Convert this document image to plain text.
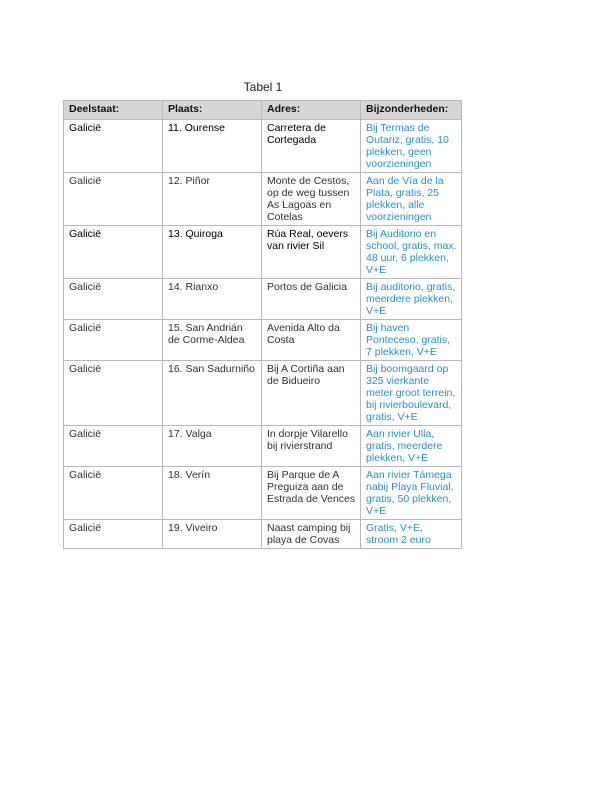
Tabel 1
Deelstaat:	Plaats:	Adres:	Bijzonderheden:
Galicië	11. Ourense	Carretera de Cortegada	Bij Termas de Outariz, gratis, 10 plekken, geen voorzieningen
Galicië	12. Piñor	Monte de Cestos, op de weg tussen As Lagoas en Cotelas	Aan de Vía de la Plata, gratis, 25 plekken, alle voorzieningen
Galicië	13. Quiroga	Rúa Real, oevers van rivier Sil	Bij Auditorio en school, gratis, max. 48 uur, 6 plekken, V+E
Galicië	14. Rianxo	Portos de Galicia	Bij auditorio, gratis, meerdere plekken, V+E
Galicië	15. San Andrián de Corme-Aldea	Avenida Alto da Costa	Bij haven Ponteceso, gratis, 7 plekken, V+E
Galicië	16. San Sadurniño	Bij A Cortiña aan de Bidueiro	Bij boomgaard op 325 vierkante meter groot terrein, bij rivierboulevard, gratis, V+E
Galicië	17. Valga	In dorpje Vilarello bij rivierstrand	Aan rivier Ulla, gratis, meerdere plekken, V+E
Galicië	18. Verín	Bij Parque de A Preguiza aan de Estrada de Vences	Aan rivier Támega nabij Playa Fluvial, gratis, 50 plekken, V+E
Galicië	19. Viveiro	Naast camping bij playa de Covas	Gratis, V+E, stroom 2 euro
